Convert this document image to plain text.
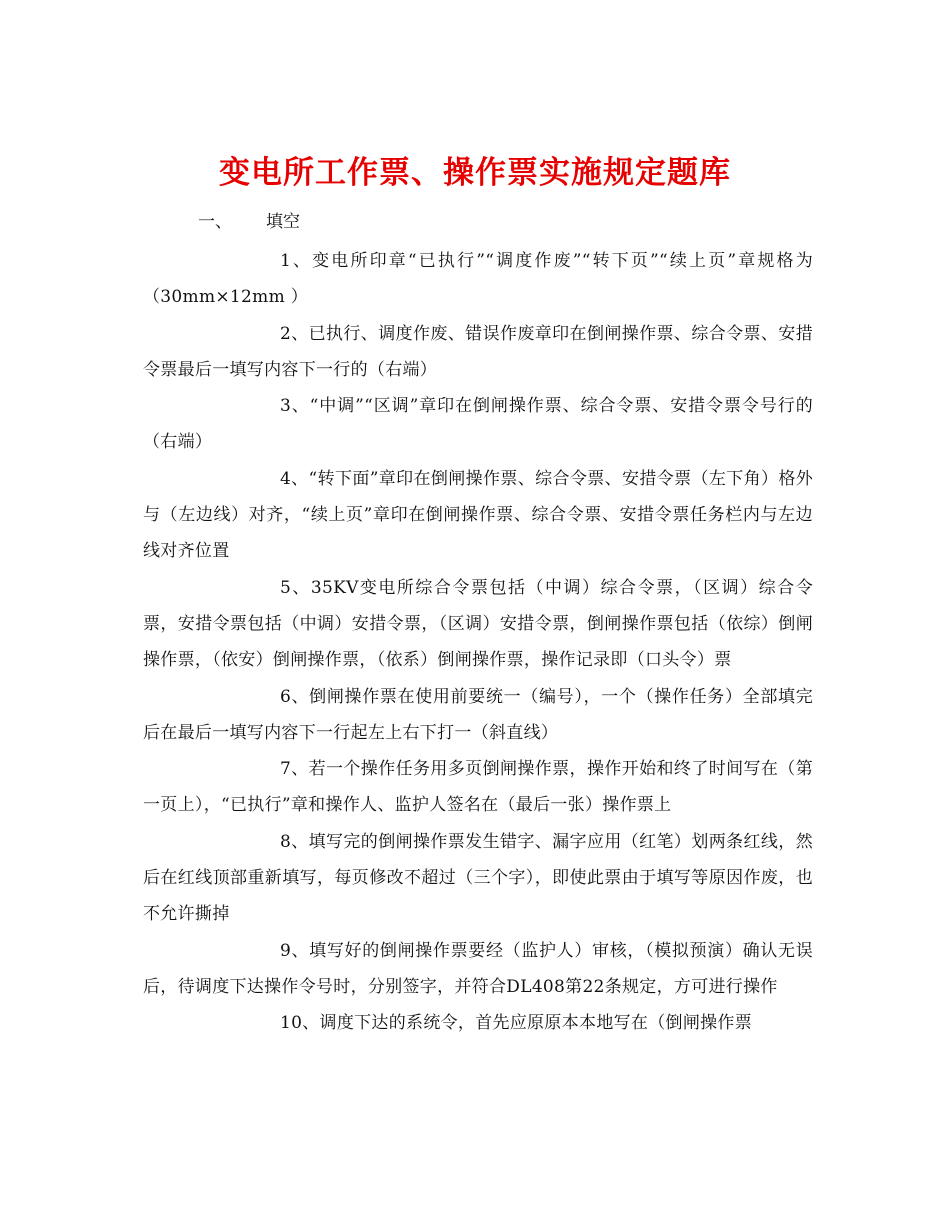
变电所工作票、操作票实施规定题库
一、 填空

1、变电所印章“已执行”“调度作废”“转下页”“续上页”章规格为（30mm×12mm ）

2、已执行、调度作废、错误作废章印在倒闸操作票、综合令票、安措令票最后一填写内容下一行的（右端）

3、“中调”“区调”章印在倒闸操作票、综合令票、安措令票令号行的（右端）

4、“转下面”章印在倒闸操作票、综合令票、安措令票（左下角）格外与（左边线）对齐，“续上页”章印在倒闸操作票、综合令票、安措令票任务栏内与左边线对齐位置

5、35KV变电所综合令票包括（中调）综合令票，（区调）综合令票，安措令票包括（中调）安措令票，（区调）安措令票，倒闸操作票包括（依综）倒闸操作票，（依安）倒闸操作票，（依系）倒闸操作票，操作记录即（口头令）票

6、倒闸操作票在使用前要统一（编号），一个（操作任务）全部填完后在最后一填写内容下一行起左上右下打一（斜直线）

7、若一个操作任务用多页倒闸操作票，操作开始和终了时间写在（第一页上），“已执行”章和操作人、监护人签名在（最后一张）操作票上

8、填写完的倒闸操作票发生错字、漏字应用（红笔）划两条红线，然后在红线顶部重新填写，每页修改不超过（三个字），即使此票由于填写等原因作废，也不允许撕掉

9、填写好的倒闸操作票要经（监护人）审核，（模拟预演）确认无误后，待调度下达操作令号时，分别签字，并符合DL408第22条规定，方可进行操作

10、调度下达的系统令，首先应原原本本地写在（倒闸操作票
